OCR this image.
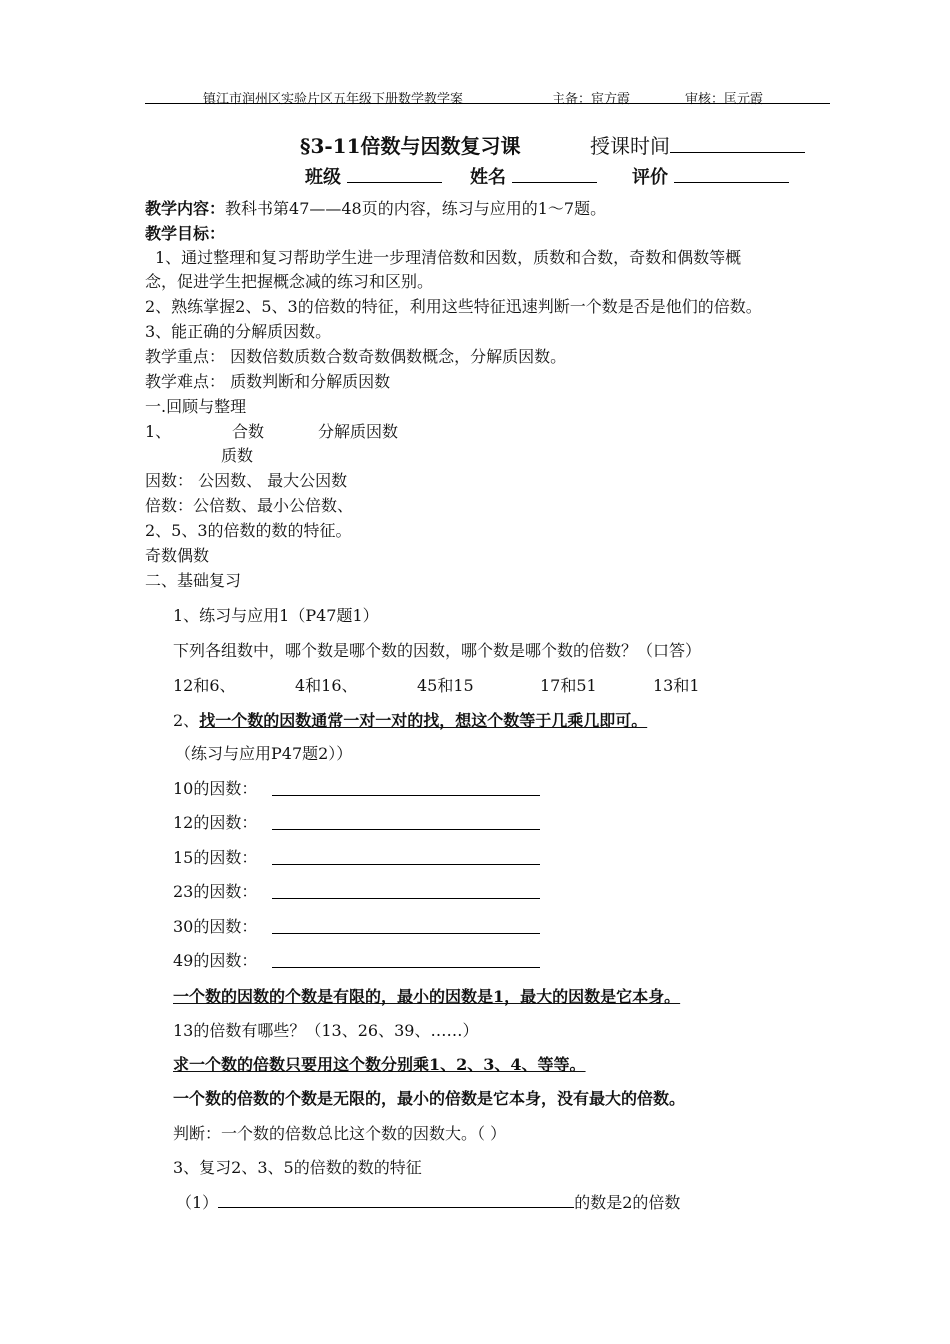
镇江市润州区实验片区五年级下册数学教学案	主备：宦方霞	审核：匡元霞
§3-11倍数与因数复习课	授课时间
班级	姓名	评价
教学内容：教科书第47——48页的内容，练习与应用的1～7题。
教学目标：
1、通过整理和复习帮助学生进一步理清倍数和因数，质数和合数，奇数和偶数等概
念，促进学生把握概念减的练习和区别。
2、熟练掌握2、5、3的倍数的特征，利用这些特征迅速判断一个数是否是他们的倍数。
3、能正确的分解质因数。
教学重点： 因数倍数质数合数奇数偶数概念，分解质因数。
教学难点： 质数判断和分解质因数
一.回顾与整理
1、	合数	分解质因数
质数
因数： 公因数、 最大公因数
倍数：公倍数、最小公倍数、
2、5、3的倍数的数的特征。
奇数偶数
二、基础复习
1、练习与应用1（P47题1）
下列各组数中，哪个数是哪个数的因数，哪个数是哪个数的倍数？（口答）
12和6、	4和16、	45和15	17和51	13和1
2、找一个数的因数通常一对一对的找，想这个数等于几乘几即可。
（练习与应用P47题2））
10的因数：
12的因数：
15的因数：
23的因数：
30的因数：
49的因数：
一个数的因数的个数是有限的，最小的因数是1，最大的因数是它本身。
13的倍数有哪些？（13、26、39、……）
求一个数的倍数只要用这个数分别乘1、2、3、4、等等。
一个数的倍数的个数是无限的，最小的倍数是它本身，没有最大的倍数。
判断：一个数的倍数总比这个数的因数大。（ ）
3、复习2、3、5的倍数的数的特征
（1）	的数是2的倍数
